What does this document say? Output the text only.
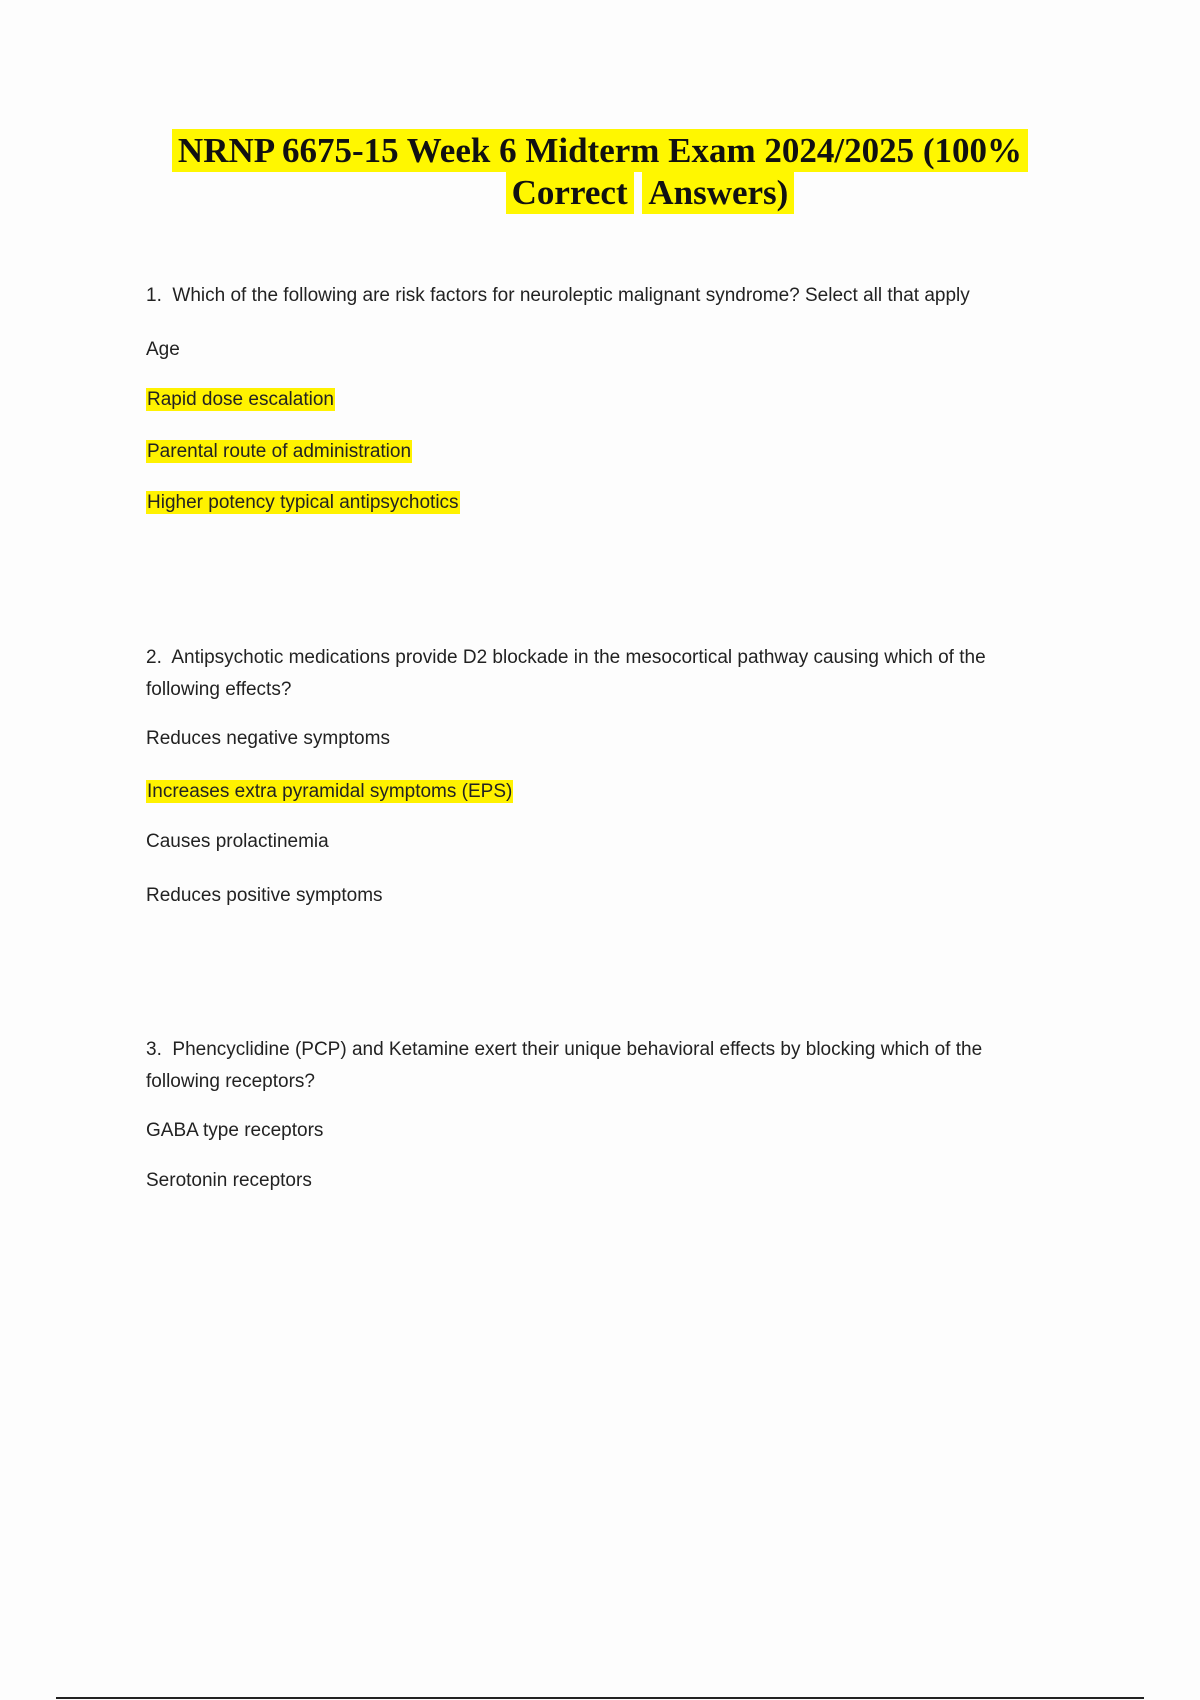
NRNP 6675-15 Week 6 Midterm Exam 2024/2025 (100%
Correct Answers)

1. Which of the following are risk factors for neuroleptic malignant syndrome? Select all that apply

Age
Rapid dose escalation
Parental route of administration
Higher potency typical antipsychotics

2. Antipsychotic medications provide D2 blockade in the mesocortical pathway causing which of the following effects?

Reduces negative symptoms
Increases extra pyramidal symptoms (EPS)
Causes prolactinemia
Reduces positive symptoms

3. Phencyclidine (PCP) and Ketamine exert their unique behavioral effects by blocking which of the following receptors?

GABA type receptors
Serotonin receptors
